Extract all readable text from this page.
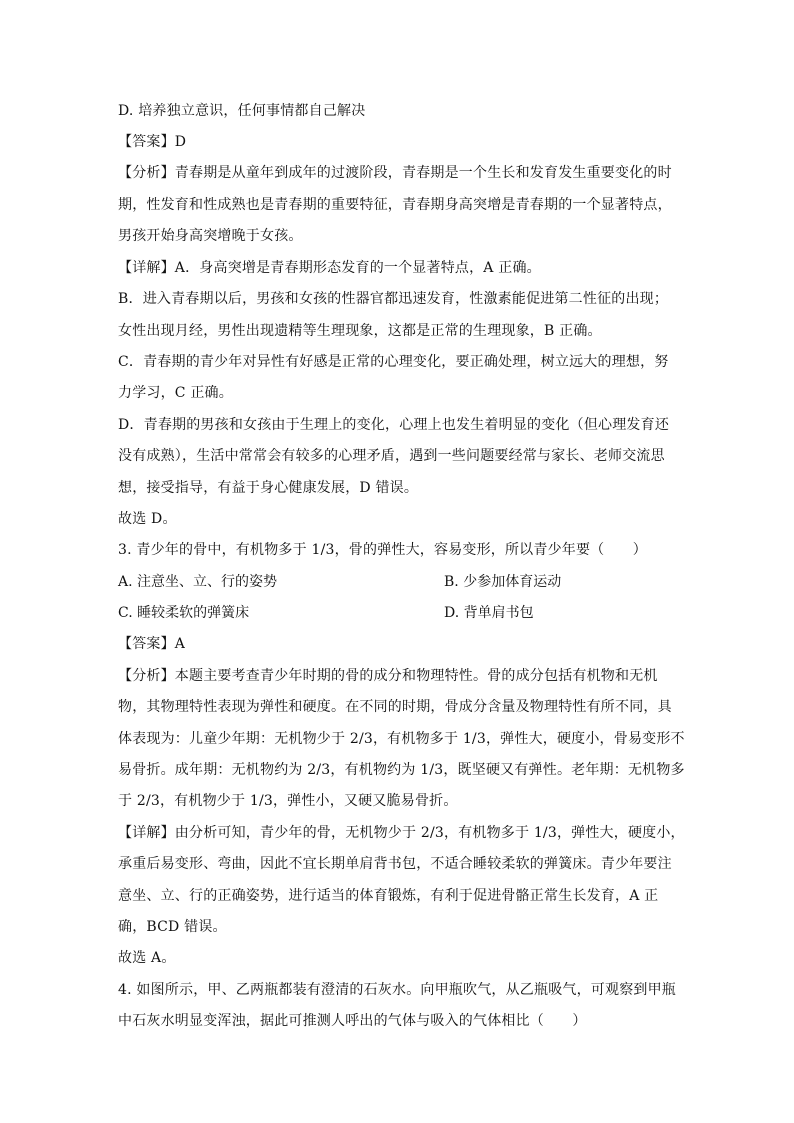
D. 培养独立意识，任何事情都自己解决
【答案】D
【分析】青春期是从童年到成年的过渡阶段，青春期是一个生长和发育发生重要变化的时
期，性发育和性成熟也是青春期的重要特征，青春期身高突增是青春期的一个显著特点，
男孩开始身高突增晚于女孩。
【详解】A．身高突增是青春期形态发育的一个显著特点，A 正确。
B．进入青春期以后，男孩和女孩的性器官都迅速发育，性激素能促进第二性征的出现；
女性出现月经，男性出现遗精等生理现象，这都是正常的生理现象，B 正确。
C．青春期的青少年对异性有好感是正常的心理变化，要正确处理，树立远大的理想，努
力学习，C 正确。
D．青春期的男孩和女孩由于生理上的变化，心理上也发生着明显的变化（但心理发育还
没有成熟），生活中常常会有较多的心理矛盾，遇到一些问题要经常与家长、老师交流思
想，接受指导，有益于身心健康发展，D 错误。
故选 D。
3. 青少年的骨中，有机物多于 1/3，骨的弹性大，容易变形，所以青少年要（　　）
A. 注意坐、立、行的姿势	B. 少参加体育运动
C. 睡较柔软的弹簧床	D. 背单肩书包
【答案】A
【分析】本题主要考查青少年时期的骨的成分和物理特性。骨的成分包括有机物和无机
物，其物理特性表现为弹性和硬度。在不同的时期，骨成分含量及物理特性有所不同，具
体表现为：儿童少年期：无机物少于 2/3，有机物多于 1/3，弹性大，硬度小，骨易变形不
易骨折。成年期：无机物约为 2/3，有机物约为 1/3，既坚硬又有弹性。老年期：无机物多
于 2/3，有机物少于 1/3，弹性小，又硬又脆易骨折。
【详解】由分析可知，青少年的骨，无机物少于 2/3，有机物多于 1/3，弹性大，硬度小，
承重后易变形、弯曲，因此不宜长期单肩背书包，不适合睡较柔软的弹簧床。青少年要注
意坐、立、行的正确姿势，进行适当的体育锻炼，有利于促进骨骼正常生长发育，A 正
确，BCD 错误。
故选 A。
4. 如图所示，甲、乙两瓶都装有澄清的石灰水。向甲瓶吹气，从乙瓶吸气，可观察到甲瓶
中石灰水明显变浑浊，据此可推测人呼出的气体与吸入的气体相比（　　）
